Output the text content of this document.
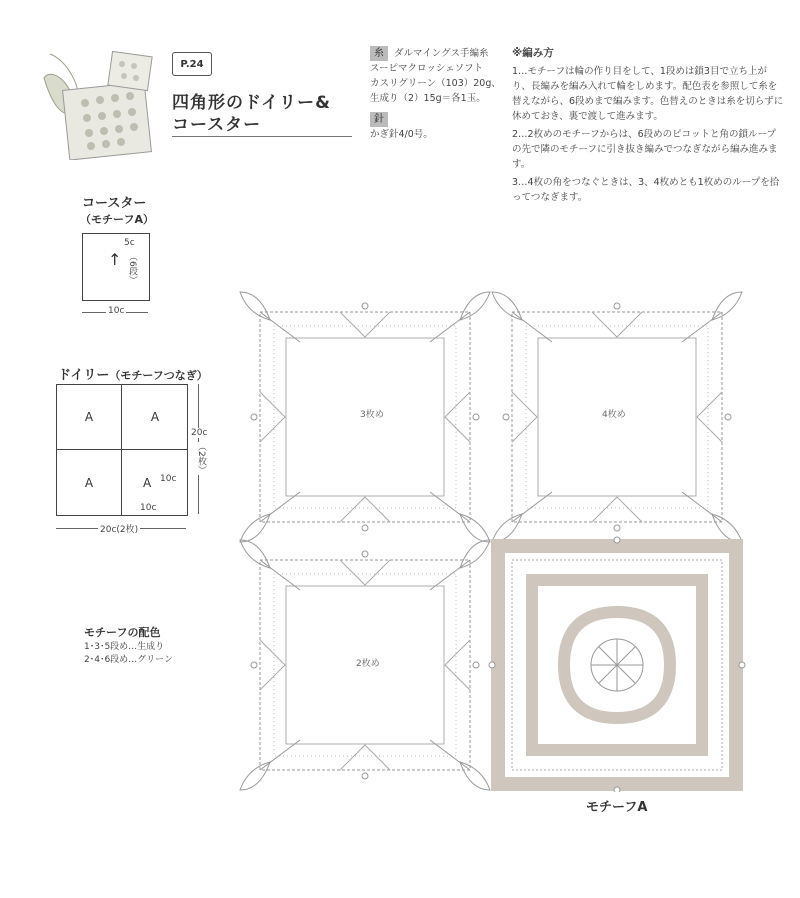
P.24
四角形のドイリー&
コースター
糸 ダルマイングス手編糸
スーピマクロッシェソフト
カスリグリーン（103）20g、
生成り（2）15g＝各1玉。
針
かぎ針4/0号。
※編み方

1…モチーフは輪の作り目をして、1段めは鎖3目で立ち上がり、長編みを編み入れて輪をしめます。配色表を参照して糸を替えながら、6段めまで編みます。色替えのときは糸を切らずに休めておき、裏で渡して進みます。

2…2枚めのモチーフからは、6段めのピコットと角の鎖ループの先で隣のモチーフに引き抜き編みでつなぎながら編み進みます。

3…4枚の角をつなぐときは、3、4枚めとも1枚めのループを拾ってつなぎます。

コースター
（モチーフA）
↑
5c
（6段）
10c
ドイリー（モチーフつなぎ）
A	A
A	A 10c
10c
20c
（2枚）
20c(2枚)
モチーフの配色
1･3･5段め…生成り
2･4･6段め…グリーン
3枚め	4枚め
2枚め
モチーフA
